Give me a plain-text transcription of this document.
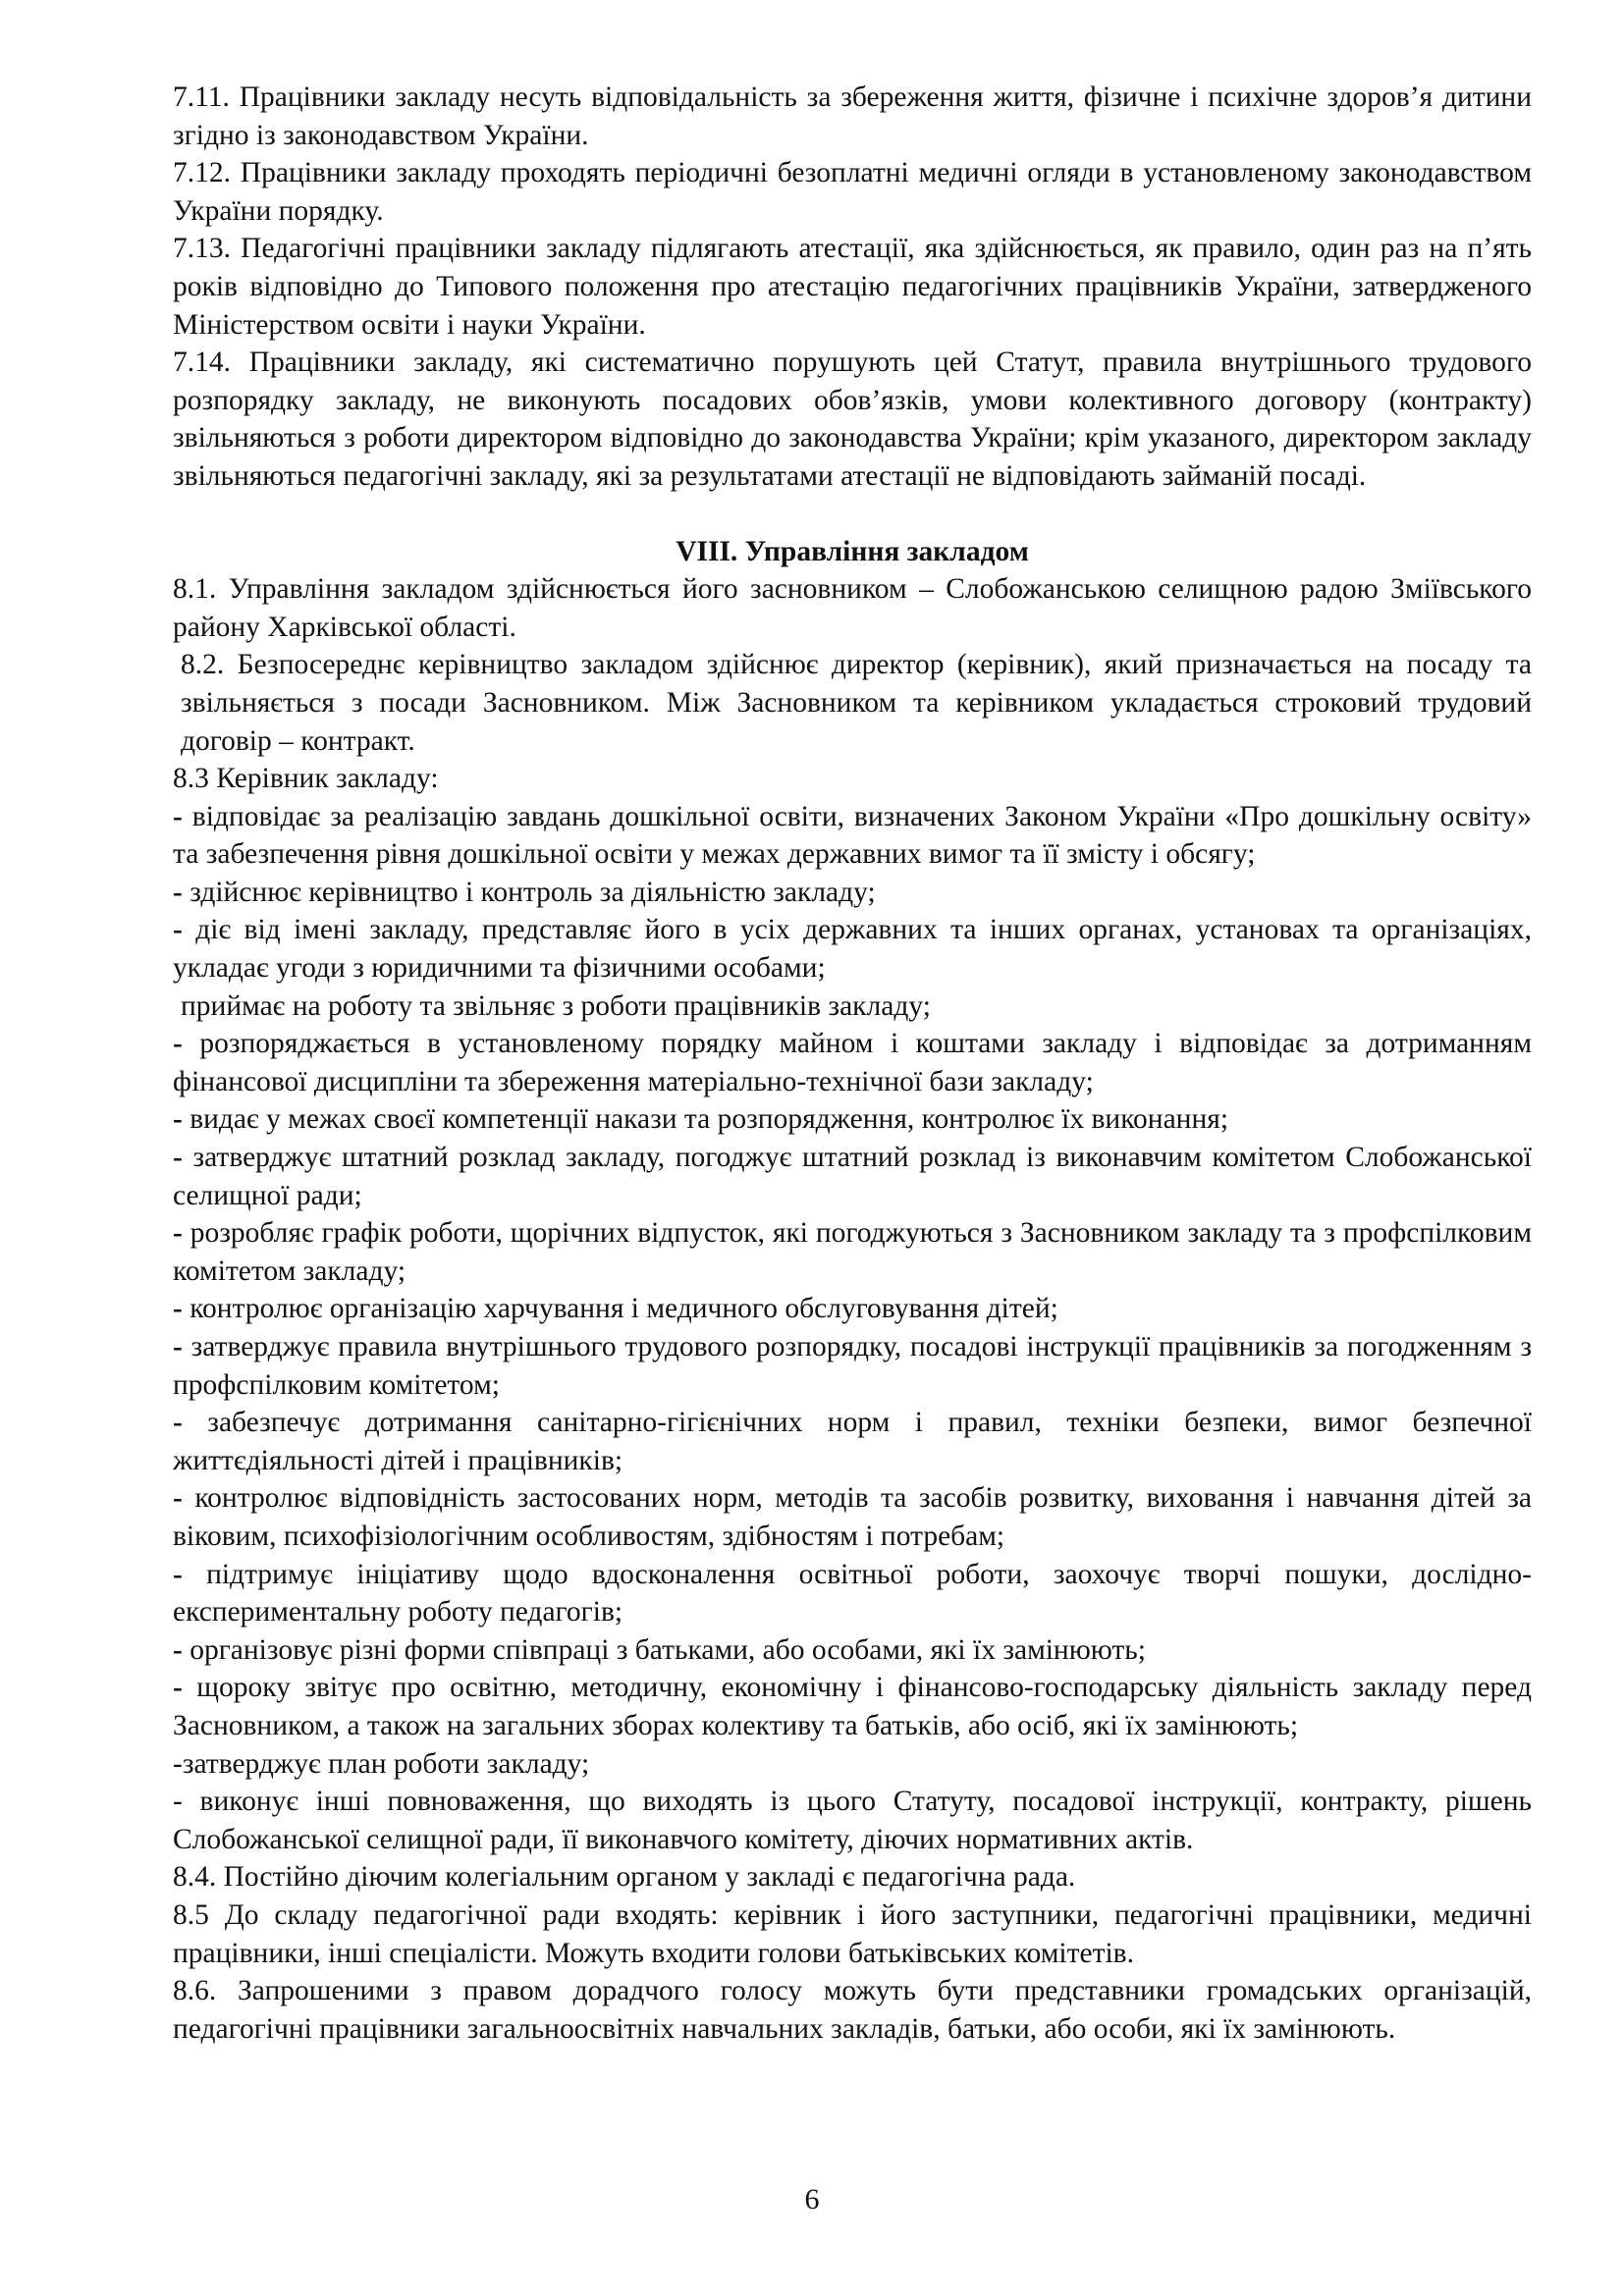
7.11. Працівники закладу несуть відповідальність за збереження життя, фізичне і психічне здоров’я дитини згідно із законодавством України.

7.12. Працівники закладу проходять періодичні безоплатні медичні огляди в установленому законодавством України порядку.

7.13. Педагогічні працівники закладу підлягають атестації, яка здійснюється, як правило, один раз на п’ять років відповідно до Типового положення про атестацію педагогічних працівників України, затвердженого Міністерством освіти і науки України.

7.14. Працівники закладу, які систематично порушують цей Статут, правила внутрішнього трудового розпорядку закладу, не виконують посадових обов’язків, умови колективного договору (контракту) звільняються з роботи директором відповідно до законодавства України; крім указаного, директором закладу звільняються педагогічні закладу, які за результатами атестації не відповідають займаній посаді.

VIII. Управління закладом

8.1. Управління закладом здійснюється його засновником – Слобожанською селищною радою Зміївського району Харківської області.

8.2. Безпосереднє керівництво закладом здійснює директор (керівник), який призначається на посаду та звільняється з посади Засновником. Між Засновником та керівником укладається строковий трудовий договір – контракт.

8.3 Керівник закладу:

- відповідає за реалізацію завдань дошкільної освіти, визначених Законом України «Про дошкільну освіту» та забезпечення рівня дошкільної освіти у межах державних вимог та її змісту і обсягу;

- здійснює керівництво і контроль за діяльністю закладу;

- діє від імені закладу, представляє його в усіх державних та інших органах, установах та організаціях, укладає угоди з юридичними та фізичними особами;

приймає на роботу та звільняє з роботи працівників закладу;

- розпоряджається в установленому порядку майном і коштами закладу і відповідає за дотриманням фінансової дисципліни та збереження матеріально-технічної бази закладу;

- видає у межах своєї компетенції накази та розпорядження, контролює їх виконання;

- затверджує штатний розклад закладу, погоджує штатний розклад із виконавчим комітетом Слобожанської селищної ради;

- розробляє графік роботи, щорічних відпусток, які погоджуються з Засновником закладу та з профспілковим комітетом закладу;

- контролює організацію харчування і медичного обслуговування дітей;

- затверджує правила внутрішнього трудового розпорядку, посадові інструкції працівників за погодженням з профспілковим комітетом;

- забезпечує дотримання санітарно-гігієнічних норм і правил, техніки безпеки, вимог безпечної життєдіяльності дітей і працівників;

- контролює відповідність застосованих норм, методів та засобів розвитку, виховання і навчання дітей за віковим, психофізіологічним особливостям, здібностям і потребам;

- підтримує ініціативу щодо вдосконалення освітньої роботи, заохочує творчі пошуки, дослідно-експериментальну роботу педагогів;

- організовує різні форми співпраці з батьками, або особами, які їх замінюють;

- щороку звітує про освітню, методичну, економічну і фінансово-господарську діяльність закладу перед Засновником, а також на загальних зборах колективу та батьків, або осіб, які їх замінюють;

-затверджує план роботи закладу;

- виконує інші повноваження, що виходять із цього Статуту, посадової інструкції, контракту, рішень Слобожанської селищної ради, її виконавчого комітету, діючих нормативних актів.

8.4. Постійно діючим колегіальним органом у закладі є педагогічна рада.

8.5 До складу педагогічної ради входять: керівник і його заступники, педагогічні працівники, медичні працівники, інші спеціалісти. Можуть входити голови батьківських комітетів.

8.6. Запрошеними з правом дорадчого голосу можуть бути представники громадських організацій, педагогічні працівники загальноосвітніх навчальних закладів, батьки, або особи, які їх замінюють.

6
